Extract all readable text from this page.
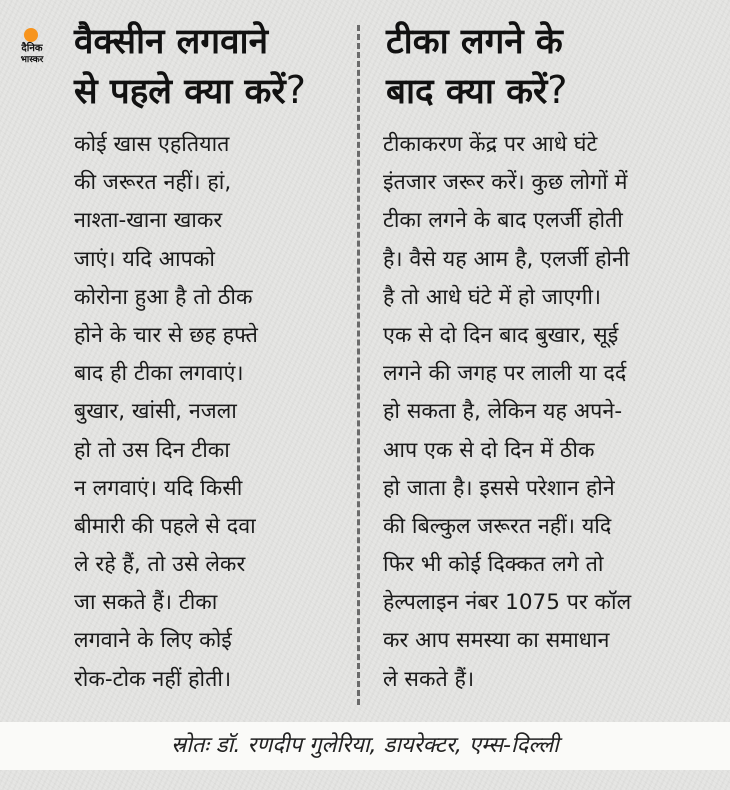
दैनिक
भास्कर वैक्सीन लगवाने
से पहले क्या करें?
टीका लगने के
बाद क्या करें?
कोई खास एहतियात
की जरूरत नहीं। हां,
नाश्ता-खाना खाकर
जाएं। यदि आपको
कोरोना हुआ है तो ठीक
होने के चार से छह हफ्ते
बाद ही टीका लगवाएं।
बुखार, खांसी, नजला
हो तो उस दिन टीका
न लगवाएं। यदि किसी
बीमारी की पहले से दवा
ले रहे हैं, तो उसे लेकर
जा सकते हैं। टीका
लगवाने के लिए कोई
रोक-टोक नहीं होती।
टीकाकरण केंद्र पर आधे घंटे
इंतजार जरूर करें। कुछ लोगों में
टीका लगने के बाद एलर्जी होती
है। वैसे यह आम है, एलर्जी होनी
है तो आधे घंटे में हो जाएगी।
एक से दो दिन बाद बुखार, सूई
लगने की जगह पर लाली या दर्द
हो सकता है, लेकिन यह अपने-
आप एक से दो दिन में ठीक
हो जाता है। इससे परेशान होने
की बिल्कुल जरूरत नहीं। यदि
फिर भी कोई दिक्कत लगे तो
हेल्पलाइन नंबर 1075 पर कॉल
कर आप समस्या का समाधान
ले सकते हैं।
स्रोतः डॉ. रणदीप गुलेरिया, डायरेक्टर, एम्स-दिल्ली
